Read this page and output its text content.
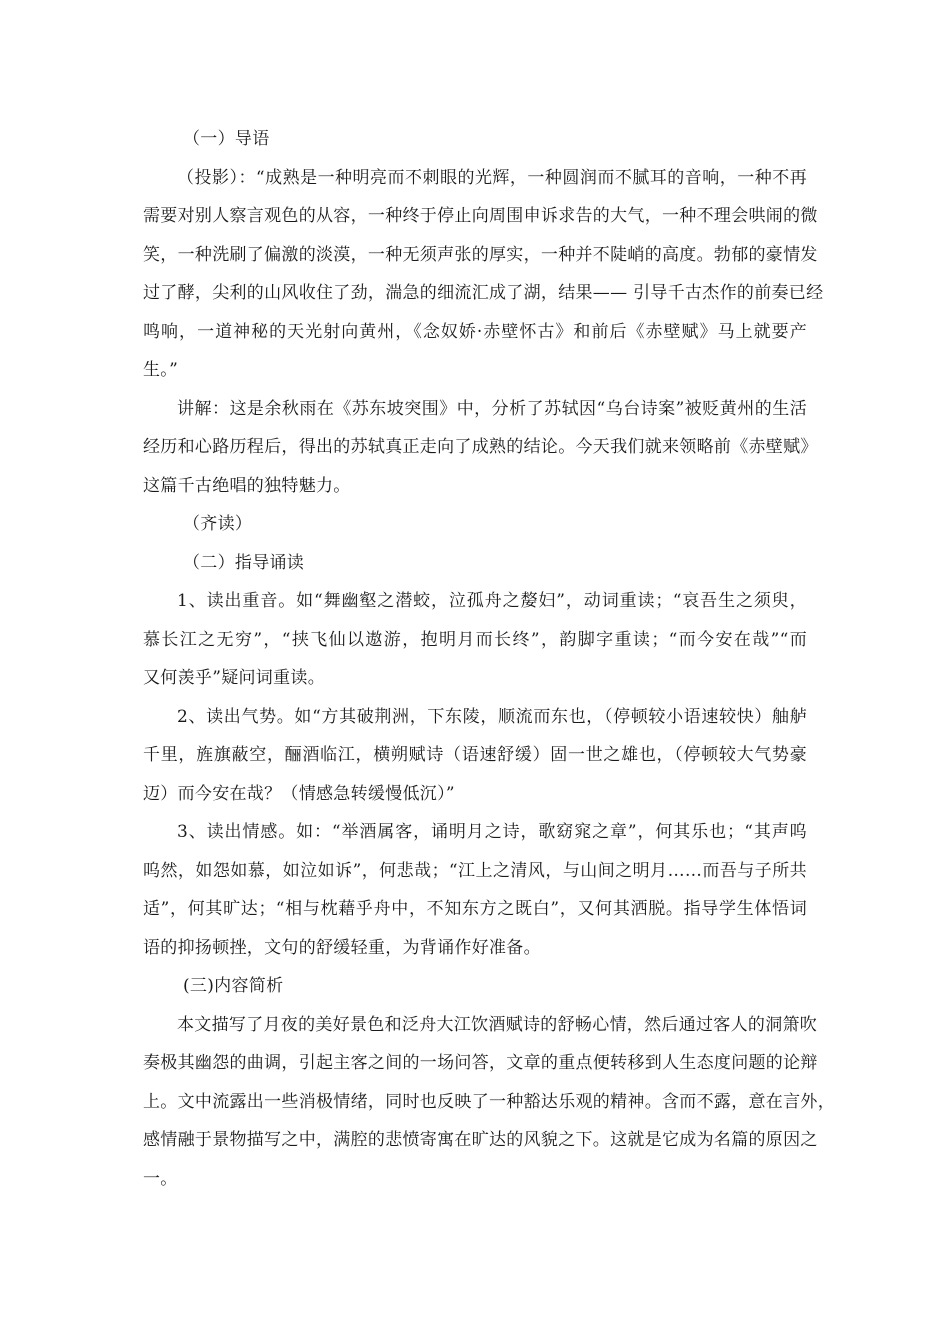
（一）导语
（投影）：“成熟是一种明亮而不刺眼的光辉，一种圆润而不腻耳的音响，一种不再
需要对别人察言观色的从容，一种终于停止向周围申诉求告的大气，一种不理会哄闹的微
笑，一种洗刷了偏激的淡漠，一种无须声张的厚实，一种并不陡峭的高度。勃郁的豪情发
过了酵，尖利的山风收住了劲，湍急的细流汇成了湖，结果—— 引导千古杰作的前奏已经
鸣响，一道神秘的天光射向黄州，《念奴娇·赤壁怀古》和前后《赤壁赋》马上就要产
生。”
讲解：这是余秋雨在《苏东坡突围》中，分析了苏轼因“乌台诗案”被贬黄州的生活
经历和心路历程后，得出的苏轼真正走向了成熟的结论。今天我们就来领略前《赤壁赋》
这篇千古绝唱的独特魅力。
（齐读）
（二）指导诵读
1、读出重音。如“舞幽壑之潜蛟，泣孤舟之嫠妇”，动词重读；“哀吾生之须臾，
慕长江之无穷”，“挟飞仙以遨游，抱明月而长终”，韵脚字重读；“而今安在哉”“而
又何羡乎”疑问词重读。
2、读出气势。如“方其破荆洲，下东陵，顺流而东也，（停顿较小语速较快）舳舻
千里，旌旗蔽空，酾酒临江，横朔赋诗（语速舒缓）固一世之雄也，（停顿较大气势豪
迈）而今安在哉？（情感急转缓慢低沉）”
3、读出情感。如：“举酒属客，诵明月之诗，歌窈窕之章”，何其乐也；“其声呜
呜然，如怨如慕，如泣如诉”，何悲哉；“江上之清风，与山间之明月……而吾与子所共
适”，何其旷达；“相与枕藉乎舟中，不知东方之既白”，又何其洒脱。指导学生体悟词
语的抑扬顿挫，文句的舒缓轻重，为背诵作好准备。
(三)内容简析
本文描写了月夜的美好景色和泛舟大江饮酒赋诗的舒畅心情，然后通过客人的洞箫吹
奏极其幽怨的曲调，引起主客之间的一场问答，文章的重点便转移到人生态度问题的论辩
上。文中流露出一些消极情绪，同时也反映了一种豁达乐观的精神。含而不露，意在言外，
感情融于景物描写之中，满腔的悲愤寄寓在旷达的风貌之下。这就是它成为名篇的原因之
一。
